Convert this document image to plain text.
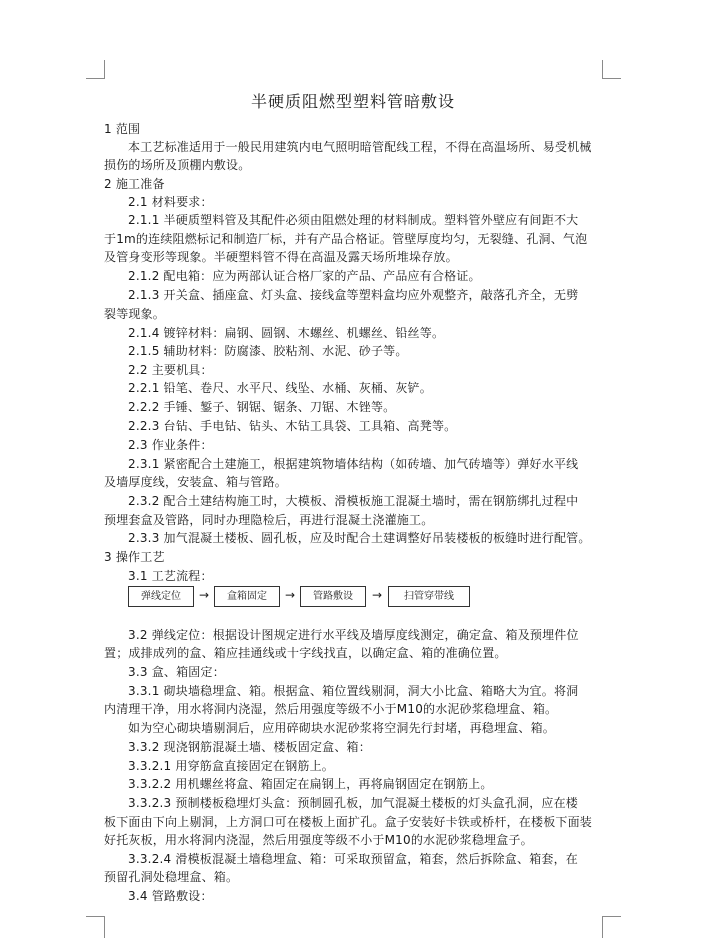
半硬质阻燃型塑料管暗敷设
1 范围
本工艺标准适用于一般民用建筑内电气照明暗管配线工程，不得在高温场所、易受机械
损伤的场所及顶棚内敷设。
2 施工准备
2.1 材料要求：
2.1.1 半硬质塑料管及其配件必须由阻燃处理的材料制成。塑料管外壁应有间距不大
于1m的连续阻燃标记和制造厂标，并有产品合格证。管壁厚度均匀，无裂缝、孔洞、气泡
及管身变形等现象。半硬塑料管不得在高温及露天场所堆垛存放。
2.1.2 配电箱：应为两部认证合格厂家的产品、产品应有合格证。
2.1.3 开关盒、插座盒、灯头盒、接线盒等塑料盒均应外观整齐，敲落孔齐全，无劈
裂等现象。
2.1.4 镀锌材料：扁钢、圆钢、木螺丝、机螺丝、铅丝等。
2.1.5 辅助材料：防腐漆、胶粘剂、水泥、砂子等。
2.2 主要机具：
2.2.1 铅笔、卷尺、水平尺、线坠、水桶、灰桶、灰铲。
2.2.2 手锤、錾子、钢锯、锯条、刀锯、木锉等。
2.2.3 台钻、手电钻、钻头、木钻工具袋、工具箱、高凳等。
2.3 作业条件：
2.3.1 紧密配合土建施工，根据建筑物墙体结构（如砖墙、加气砖墙等）弹好水平线
及墙厚度线，安装盒、箱与管路。
2.3.2 配合土建结构施工时，大模板、滑模板施工混凝土墙时，需在钢筋绑扎过程中
预埋套盒及管路，同时办理隐检后，再进行混凝土浇灌施工。
2.3.3 加气混凝土楼板、圆孔板，应及时配合土建调整好吊装楼板的板缝时进行配管。
3 操作工艺
3.1 工艺流程：
弹线定位	→	盒箱固定	→	管路敷设	→	扫管穿带线
3.2 弹线定位：根据设计图规定进行水平线及墙厚度线测定，确定盒、箱及预埋件位
置；成排成列的盒、箱应挂通线或十字线找直，以确定盒、箱的准确位置。
3.3 盒、箱固定：
3.3.1 砌块墙稳埋盒、箱。根据盒、箱位置线剔洞，洞大小比盒、箱略大为宜。将洞
内清理干净，用水将洞内浇湿，然后用强度等级不小于M10的水泥砂浆稳埋盒、箱。
如为空心砌块墙剔洞后，应用碎砌块水泥砂浆将空洞先行封堵，再稳埋盒、箱。
3.3.2 现浇钢筋混凝土墙、楼板固定盒、箱：
3.3.2.1 用穿筋盒直接固定在钢筋上。
3.3.2.2 用机螺丝将盒、箱固定在扁钢上，再将扁钢固定在钢筋上。
3.3.2.3 预制楼板稳埋灯头盒：预制圆孔板，加气混凝土楼板的灯头盒孔洞，应在楼
板下面由下向上剔洞，上方洞口可在楼板上面扩孔。盒子安装好卡铁或桥杆，在楼板下面装
好托灰板，用水将洞内浇湿，然后用强度等级不小于M10的水泥砂浆稳埋盒子。
3.3.2.4 滑模板混凝土墙稳埋盒、箱：可采取预留盒，箱套，然后拆除盒、箱套，在
预留孔洞处稳埋盒、箱。
3.4 管路敷设：
